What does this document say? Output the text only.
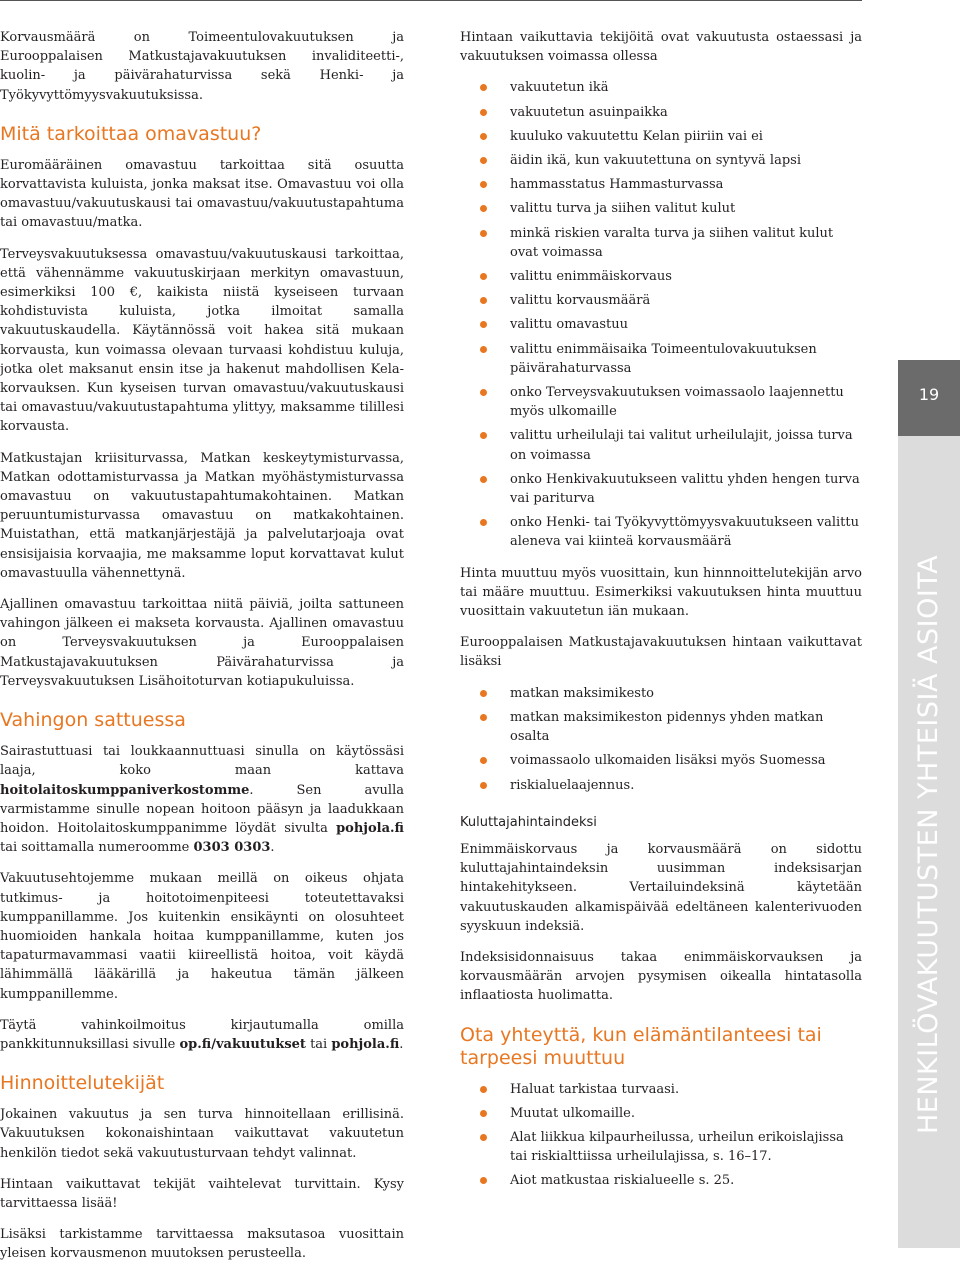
Korvausmäärä on Toimeentulovakuutuksen ja Eurooppalaisen Matkustajavakuutuksen invaliditeetti-, kuolin- ja päivärahaturvissa sekä Henki- ja Työkyvyttömyysvakuutuksissa.

Mitä tarkoittaa omavastuu?

Euromääräinen omavastuu tarkoittaa sitä osuutta korvattavista kuluista, jonka maksat itse. Omavastuu voi olla omavastuu/vakuutuskausi tai omavastuu/vakuutustapahtuma tai omavastuu/matka.

Terveysvakuutuksessa omavastuu/vakuutuskausi tarkoittaa, että vähennämme vakuutuskirjaan merkityn omavastuun, esimerkiksi 100 €, kaikista niistä kyseiseen turvaan kohdistuvista kuluista, jotka ilmoitat samalla vakuutuskaudella. Käytännössä voit hakea sitä mukaan korvausta, kun voimassa olevaan turvaasi kohdistuu kuluja, jotka olet maksanut ensin itse ja hakenut mahdollisen Kela-korvauksen. Kun kyseisen turvan omavastuu/vakuutuskausi tai omavastuu/vakuutustapahtuma ylittyy, maksamme tilillesi korvausta.

Matkustajan kriisiturvassa, Matkan keskeytymisturvassa, Matkan odottamisturvassa ja Matkan myöhästymisturvassa omavastuu on vakuutustapahtumakohtainen. Matkan peruuntumisturvassa omavastuu on matkakohtainen. Muistathan, että matkanjärjestäjä ja palvelutarjoaja ovat ensisijaisia korvaajia, me maksamme loput korvattavat kulut omavastuulla vähennettynä.

Ajallinen omavastuu tarkoittaa niitä päiviä, joilta sattuneen vahingon jälkeen ei makseta korvausta. Ajallinen omavastuu on Terveysvakuutuksen ja Eurooppalaisen Matkustajavakuutuksen Päivärahaturvissa ja Terveysvakuutuksen Lisähoitoturvan kotiapukuluissa.

Vahingon sattuessa

Sairastuttuasi tai loukkaannuttuasi sinulla on käytössäsi laaja, koko maan kattava hoitolaitoskumppaniverkostomme. Sen avulla varmistamme sinulle nopean hoitoon pääsyn ja laadukkaan hoidon. Hoitolaitoskumppanimme löydät sivulta pohjola.fi tai soittamalla numeroomme 0303 0303.

Vakuutusehtojemme mukaan meillä on oikeus ohjata tutkimus- ja hoitotoimenpiteesi toteutettavaksi kumppanillamme. Jos kuitenkin ensikäynti on olosuhteet huomioiden hankala hoitaa kumppanillamme, kuten jos tapaturmavammasi vaatii kiireellistä hoitoa, voit käydä lähimmällä lääkärillä ja hakeutua tämän jälkeen kumppanillemme.

Täytä vahinkoilmoitus kirjautumalla omilla pankkitunnuksillasi sivulle op.fi/vakuutukset tai pohjola.fi.

Hinnoittelutekijät

Jokainen vakuutus ja sen turva hinnoitellaan erillisinä. Vakuutuksen kokonaishintaan vaikuttavat vakuutetun henkilön tiedot sekä vakuutusturvaan tehdyt valinnat.

Hintaan vaikuttavat tekijät vaihtelevat turvittain. Kysy tarvittaessa lisää!

Lisäksi tarkistamme tarvittaessa maksutasoa vuosittain yleisen korvausmenon muutoksen perusteella.

Hintaan vaikuttavia tekijöitä ovat vakuutusta ostaessasi ja vakuutuksen voimassa ollessa

vakuutetun ikä
vakuutetun asuinpaikka
kuuluko vakuutettu Kelan piiriin vai ei
äidin ikä, kun vakuutettuna on syntyvä lapsi
hammasstatus Hammasturvassa
valittu turva ja siihen valitut kulut
minkä riskien varalta turva ja siihen valitut kulut ovat voimassa
valittu enimmäiskorvaus
valittu korvausmäärä
valittu omavastuu
valittu enimmäisaika Toimeentulovakuutuksen päivärahaturvassa
onko Terveysvakuutuksen voimassaolo laajennettu myös ulkomaille
valittu urheilulaji tai valitut urheilulajit, joissa turva on voimassa
onko Henkivakuutukseen valittu yhden hengen turva vai pariturva
onko Henki- tai Työkyvyttömyysvakuutukseen valittu aleneva vai kiinteä korvausmäärä

Hinta muuttuu myös vuosittain, kun hinnnoittelutekijän arvo tai määre muuttuu. Esimerkiksi vakuutuksen hinta muuttuu vuosittain vakuutetun iän mukaan.

Eurooppalaisen Matkustajavakuutuksen hintaan vaikuttavat lisäksi

matkan maksimikesto
matkan maksimikeston pidennys yhden matkan osalta
voimassaolo ulkomaiden lisäksi myös Suomessa
riskialuelaajennus.
Kuluttajahintaindeksi

Enimmäiskorvaus ja korvausmäärä on sidottu kuluttajahintaindeksin uusimman indeksisarjan hintakehitykseen. Vertailuindeksinä käytetään vakuutuskauden alkamispäivää edeltäneen kalenterivuoden syyskuun indeksiä.

Indeksisidonnaisuus takaa enimmäiskorvauksen ja korvausmäärän arvojen pysymisen oikealla hintatasolla inflaatiosta huolimatta.

Ota yhteyttä, kun elämäntilanteesi tai tarpeesi muuttuu
Haluat tarkistaa turvaasi.
Muutat ulkomaille.
Alat liikkua kilpaurheilussa, urheilun erikoislajissa tai riskialttiissa urheilulajissa, s. 16–17.
Aiot matkustaa riskialueelle s. 25.
19
HENKILÖVAKUUTUSTEN YHTEISIÄ ASIOITA
